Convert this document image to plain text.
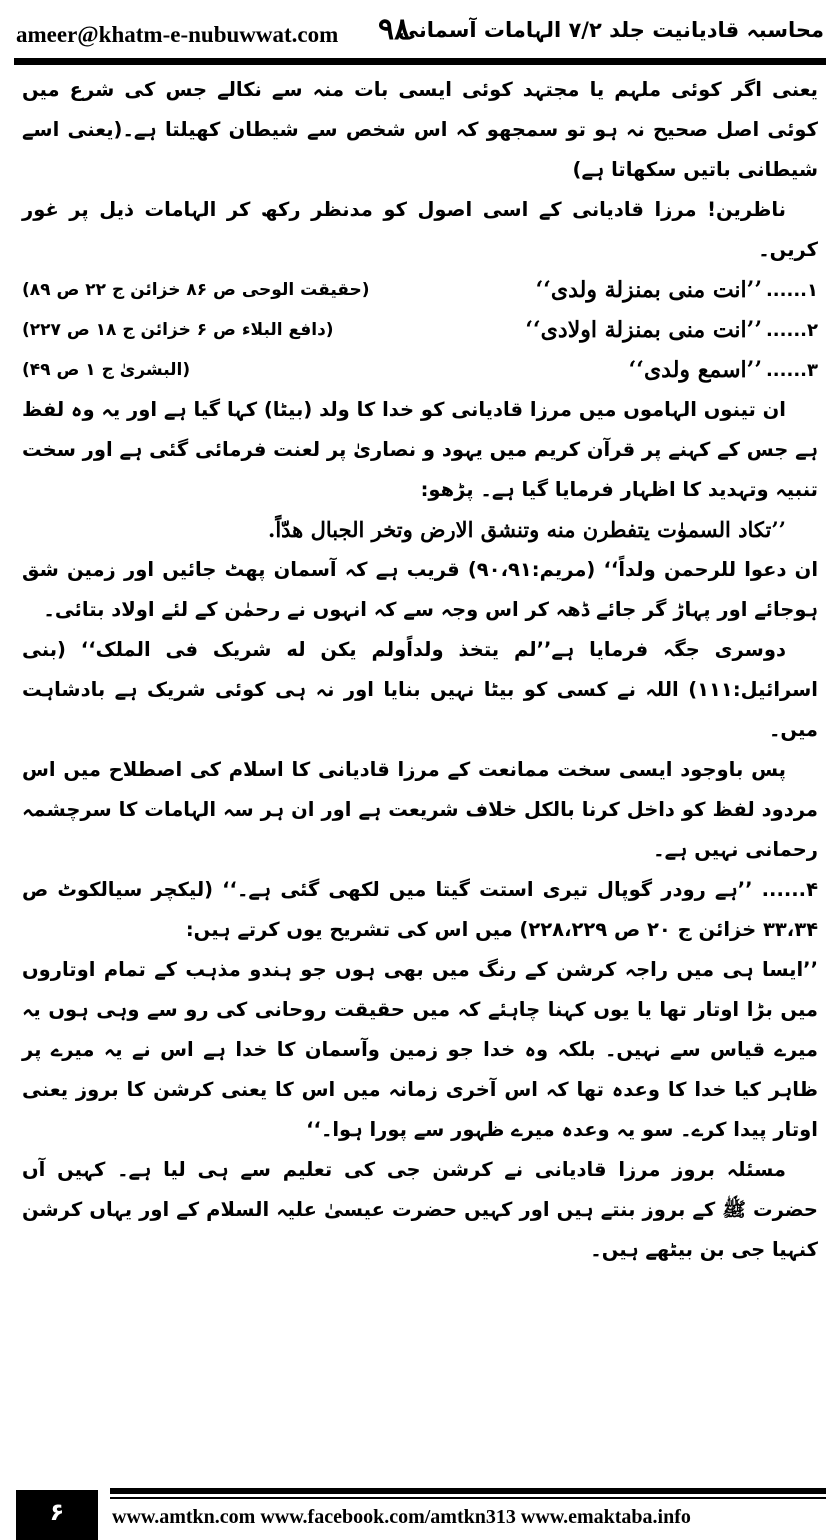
ameer@khatm-e-nubuwwat.com ۹۸
محاسبہ قادیانیت جلد ۷/۲ الہامات آسمانی

یعنی اگر کوئی ملہم یا مجتہد کوئی ایسی بات منہ سے نکالے جس کی شرع میں کوئی اصل صحیح نہ ہو تو سمجھو کہ اس شخص سے شیطان کھیلتا ہے۔(یعنی اسے شیطانی باتیں سکھاتا ہے)

ناظرین! مرزا قادیانی کے اسی اصول کو مدنظر رکھ کر الہامات ذیل پر غور کریں۔

۱......
’’انت منی بمنزلة ولدی‘‘
(حقیقت الوحی ص ۸۶ خزائن ج ۲۲ ص ۸۹)
۲......
’’انت منی بمنزلة اولادی‘‘
(دافع البلاء ص ۶ خزائن ج ۱۸ ص ۲۲۷)
۳......
’’اسمع ولدی‘‘
(البشریٰ ج ۱ ص ۴۹)

ان تینوں الہاموں میں مرزا قادیانی کو خدا کا ولد (بیٹا) کہا گیا ہے اور یہ وہ لفظ ہے جس کے کہنے پر قرآن کریم میں یہود و نصاریٰ پر لعنت فرمائی گئی ہے اور سخت تنبیہ وتہدید کا اظہار فرمایا گیا ہے۔ پڑھو:

’’تکاد السموٰت یتفطرن منه وتنشق الارض وتخر الجبال هدّاً.

ان دعوا للرحمن ولداً‘‘ (مریم:۹۰،۹۱) قریب ہے کہ آسمان پھٹ جائیں اور زمین شق ہوجائے اور پہاڑ گر جائے ڈھہ کر اس وجہ سے کہ انہوں نے رحمٰن کے لئے اولاد بتائی۔

دوسری جگہ فرمایا ہے’’لم یتخذ ولداًولم یکن له شریک فی الملک‘‘ (بنی اسرائیل:۱۱۱) اللہ نے کسی کو بیٹا نہیں بنایا اور نہ ہی کوئی شریک ہے بادشاہت میں۔

پس باوجود ایسی سخت ممانعت کے مرزا قادیانی کا اسلام کی اصطلاح میں اس مردود لفظ کو داخل کرنا بالکل خلاف شریعت ہے اور ان ہر سہ الہامات کا سرچشمہ رحمانی نہیں ہے۔

۴...... ’’ہے رودر گوپال تیری استت گیتا میں لکھی گئی ہے۔‘‘ (لیکچر سیالکوٹ ص ۳۳،۳۴ خزائن ج ۲۰ ص ۲۲۸،۲۲۹) میں اس کی تشریح یوں کرتے ہیں:

’’ایسا ہی میں راجہ کرشن کے رنگ میں بھی ہوں جو ہندو مذہب کے تمام اوتاروں میں بڑا اوتار تھا یا یوں کہنا چاہئے کہ میں حقیقت روحانی کی رو سے وہی ہوں یہ میرے قیاس سے نہیں۔ بلکہ وہ خدا جو زمین وآسمان کا خدا ہے اس نے یہ میرے پر ظاہر کیا خدا کا وعدہ تھا کہ اس آخری زمانہ میں اس کا یعنی کرشن کا بروز یعنی اوتار پیدا کرے۔ سو یہ وعدہ میرے ظہور سے پورا ہوا۔‘‘

مسئلہ بروز مرزا قادیانی نے کرشن جی کی تعلیم سے ہی لیا ہے۔ کہیں آں حضرت ﷺ کے بروز بنتے ہیں اور کہیں حضرت عیسیٰ علیہ السلام کے اور یہاں کرشن کنہیا جی بن بیٹھے ہیں۔

۶	www.amtkn.com www.facebook.com/amtkn313 www.emaktaba.info
